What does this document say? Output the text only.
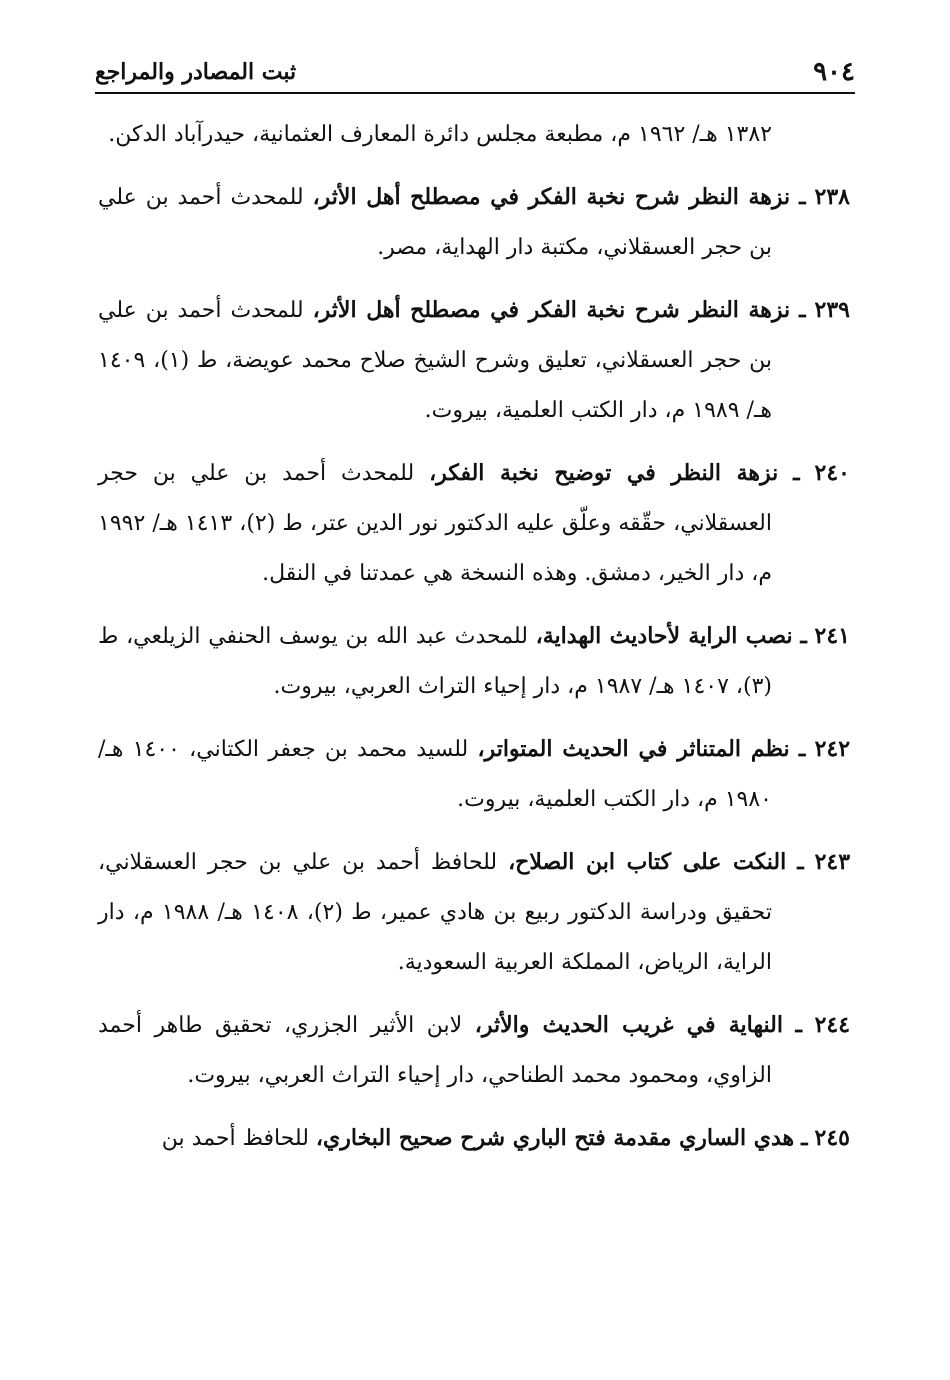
٩٠٤
ثبت المصادر والمراجع

١٣٨٢ هـ/ ١٩٦٢ م، مطبعة مجلس دائرة المعارف العثمانية، حيدرآباد الدكن.

٢٣٨ ـ نزهة النظر شرح نخبة الفكر في مصطلح أهل الأثر، للمحدث أحمد بن علي بن حجر العسقلاني، مكتبة دار الهداية، مصر.

٢٣٩ ـ نزهة النظر شرح نخبة الفكر في مصطلح أهل الأثر، للمحدث أحمد بن علي بن حجر العسقلاني، تعليق وشرح الشيخ صلاح محمد عويضة، ط (١)، ١٤٠٩ هـ/ ١٩٨٩ م، دار الكتب العلمية، بيروت.

٢٤٠ ـ نزهة النظر في توضيح نخبة الفكر، للمحدث أحمد بن علي بن حجر العسقلاني، حقّقه وعلّق عليه الدكتور نور الدين عتر، ط (٢)، ١٤١٣ هـ/ ١٩٩٢ م، دار الخير، دمشق. وهذه النسخة هي عمدتنا في النقل.

٢٤١ ـ نصب الراية لأحاديث الهداية، للمحدث عبد الله بن يوسف الحنفي الزيلعي، ط (٣)، ١٤٠٧ هـ/ ١٩٨٧ م، دار إحياء التراث العربي، بيروت.

٢٤٢ ـ نظم المتناثر في الحديث المتواتر، للسيد محمد بن جعفر الكتاني، ١٤٠٠ هـ/ ١٩٨٠ م، دار الكتب العلمية، بيروت.

٢٤٣ ـ النكت على كتاب ابن الصلاح، للحافظ أحمد بن علي بن حجر العسقلاني، تحقيق ودراسة الدكتور ربيع بن هادي عمير، ط (٢)، ١٤٠٨ هـ/ ١٩٨٨ م، دار الراية، الرياض، المملكة العربية السعودية.

٢٤٤ ـ النهاية في غريب الحديث والأثر، لابن الأثير الجزري، تحقيق طاهر أحمد الزاوي، ومحمود محمد الطناحي، دار إحياء التراث العربي، بيروت.

٢٤٥ ـ هدي الساري مقدمة فتح الباري شرح صحيح البخاري، للحافظ أحمد بن
